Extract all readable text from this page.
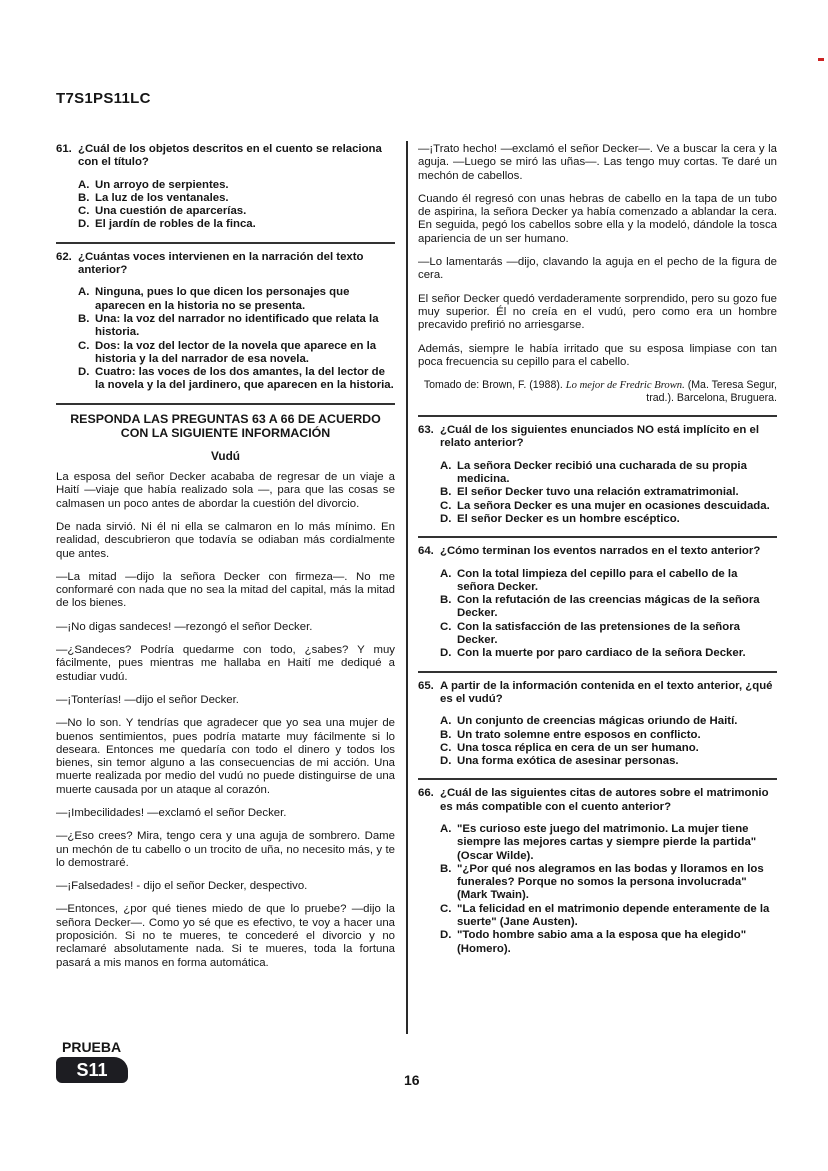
T7S1PS11LC
61. ¿Cuál de los objetos descritos en el cuento se relaciona con el título?
A. Un arroyo de serpientes.
B. La luz de los ventanales.
C. Una cuestión de aparcerías.
D. El jardín de robles de la finca.
62. ¿Cuántas voces intervienen en la narración del texto anterior?
A. Ninguna, pues lo que dicen los personajes que aparecen en la historia no se presenta.
B. Una: la voz del narrador no identificado que relata la historia.
C. Dos: la voz del lector de la novela que aparece en la historia y la del narrador de esa novela.
D. Cuatro: las voces de los dos amantes, la del lector de la novela y la del jardinero, que aparecen en la historia.
RESPONDA LAS PREGUNTAS 63 A 66 DE ACUERDO CON LA SIGUIENTE INFORMACIÓN
Vudú

La esposa del señor Decker acababa de regresar de un viaje a Haití —viaje que había realizado sola —, para que las cosas se calmasen un poco antes de abordar la cuestión del divorcio.

De nada sirvió. Ni él ni ella se calmaron en lo más mínimo. En realidad, descubrieron que todavía se odiaban más cordialmente que antes.

—La mitad —dijo la señora Decker con firmeza—. No me conformaré con nada que no sea la mitad del capital, más la mitad de los bienes.

—¡No digas sandeces! —rezongó el señor Decker.

—¿Sandeces? Podría quedarme con todo, ¿sabes? Y muy fácilmente, pues mientras me hallaba en Haití me dediqué a estudiar vudú.

—¡Tonterías! —dijo el señor Decker.

—No lo son. Y tendrías que agradecer que yo sea una mujer de buenos sentimientos, pues podría matarte muy fácilmente si lo deseara. Entonces me quedaría con todo el dinero y todos los bienes, sin temor alguno a las consecuencias de mi acción. Una muerte realizada por medio del vudú no puede distinguirse de una muerte causada por un ataque al corazón.

—¡Imbecilidades! —exclamó el señor Decker.

—¿Eso crees? Mira, tengo cera y una aguja de sombrero. Dame un mechón de tu cabello o un trocito de uña, no necesito más, y te lo demostraré.

—¡Falsedades! - dijo el señor Decker, despectivo.

—Entonces, ¿por qué tienes miedo de que lo pruebe? —dijo la señora Decker—. Como yo sé que es efectivo, te voy a hacer una proposición. Si no te mueres, te concederé el divorcio y no reclamaré absolutamente nada. Si te mueres, toda la fortuna pasará a mis manos en forma automática.

—¡Trato hecho! —exclamó el señor Decker—. Ve a buscar la cera y la aguja. —Luego se miró las uñas—. Las tengo muy cortas. Te daré un mechón de cabellos.

Cuando él regresó con unas hebras de cabello en la tapa de un tubo de aspirina, la señora Decker ya había comenzado a ablandar la cera. En seguida, pegó los cabellos sobre ella y la modeló, dándole la tosca apariencia de un ser humano.

—Lo lamentarás —dijo, clavando la aguja en el pecho de la figura de cera.

El señor Decker quedó verdaderamente sorprendido, pero su gozo fue muy superior. Él no creía en el vudú, pero como era un hombre precavido prefirió no arriesgarse.

Además, siempre le había irritado que su esposa limpiase con tan poca frecuencia su cepillo para el cabello.

Tomado de: Brown, F. (1988). Lo mejor de Fredric Brown. (Ma. Teresa Segur, trad.). Barcelona, Bruguera.
63. ¿Cuál de los siguientes enunciados NO está implícito en el relato anterior?
A. La señora Decker recibió una cucharada de su propia medicina.
B. El señor Decker tuvo una relación extramatrimonial.
C. La señora Decker es una mujer en ocasiones descuidada.
D. El señor Decker es un hombre escéptico.
64. ¿Cómo terminan los eventos narrados en el texto anterior?
A. Con la total limpieza del cepillo para el cabello de la señora Decker.
B. Con la refutación de las creencias mágicas de la señora Decker.
C. Con la satisfacción de las pretensiones de la señora Decker.
D. Con la muerte por paro cardiaco de la señora Decker.
65. A partir de la información contenida en el texto anterior, ¿qué es el vudú?
A. Un conjunto de creencias mágicas oriundo de Haití.
B. Un trato solemne entre esposos en conflicto.
C. Una tosca réplica en cera de un ser humano.
D. Una forma exótica de asesinar personas.
66. ¿Cuál de las siguientes citas de autores sobre el matrimonio es más compatible con el cuento anterior?
A. "Es curioso este juego del matrimonio. La mujer tiene siempre las mejores cartas y siempre pierde la partida" (Oscar Wilde).
B. "¿Por qué nos alegramos en las bodas y lloramos en los funerales? Porque no somos la persona involucrada" (Mark Twain).
C. "La felicidad en el matrimonio depende enteramente de la suerte" (Jane Austen).
D. "Todo hombre sabio ama a la esposa que ha elegido" (Homero).
PRUEBA
S11	16
